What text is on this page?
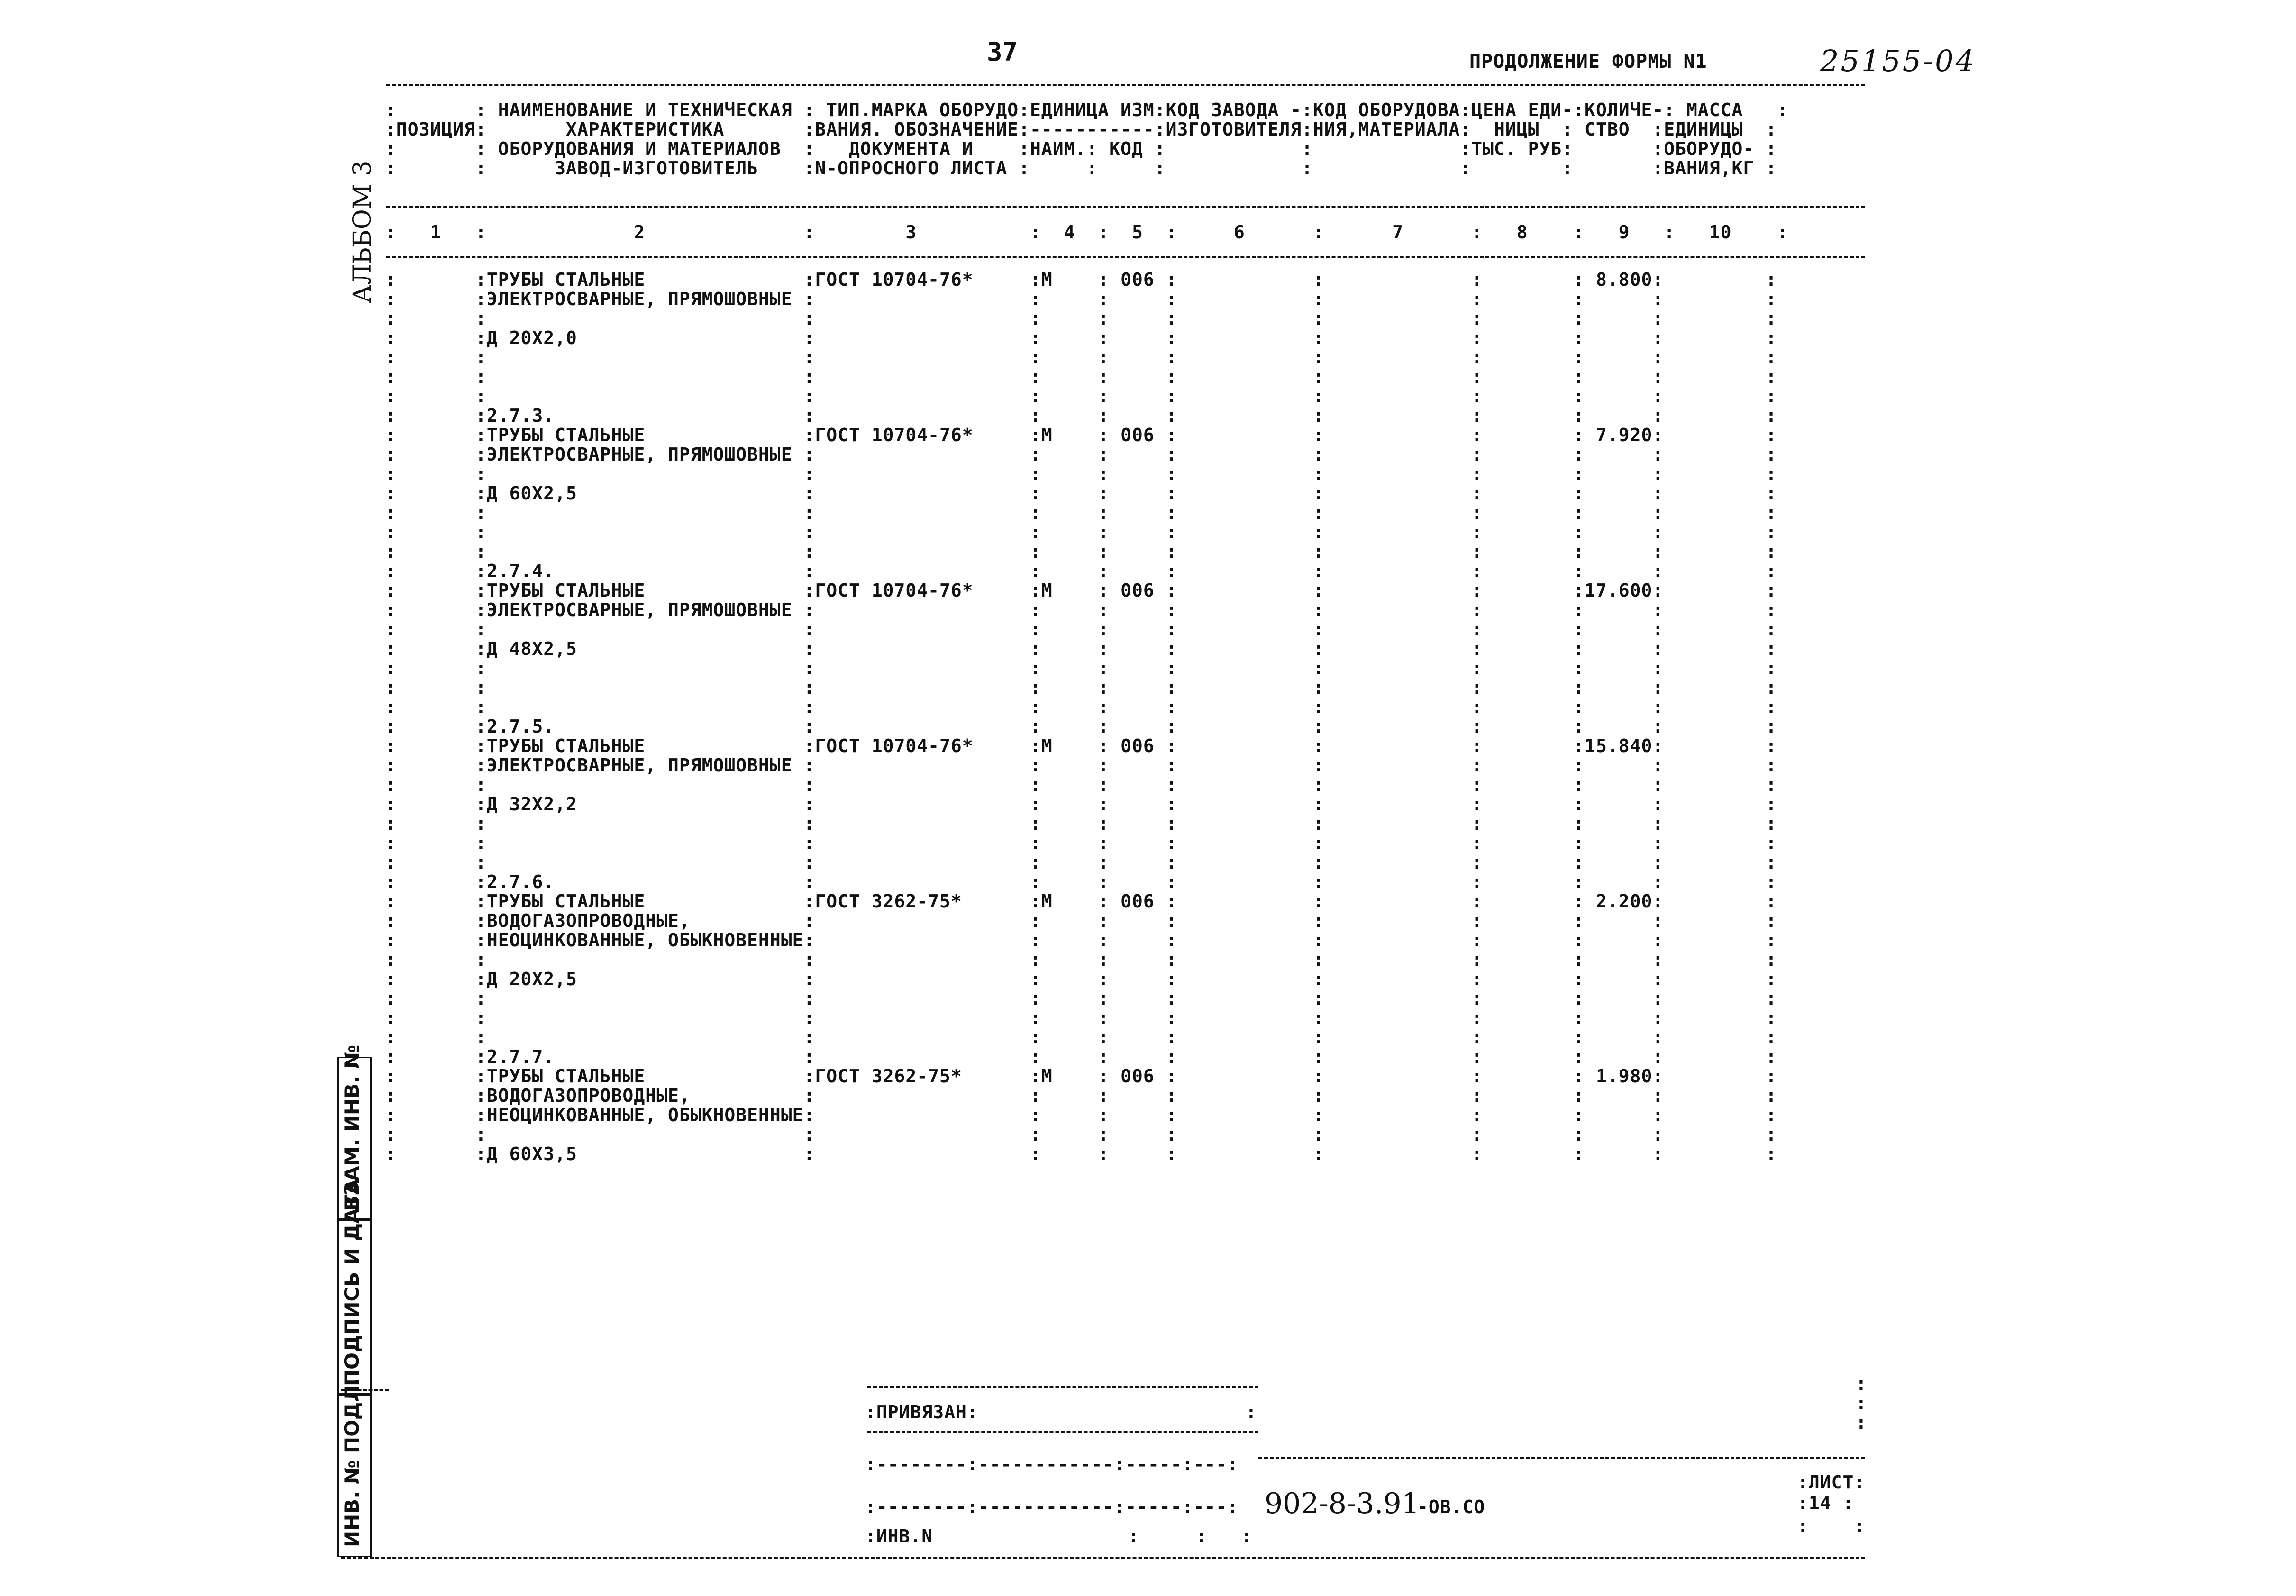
37	ПРОДОЛЖЕНИЕ ФОРМЫ N1	25155-04
АЛЬБОМ 3
:       : НАИМЕНОВАНИЕ И ТЕХНИЧЕСКАЯ : ТИП.МАРКА ОБОРУДО:ЕДИНИЦА ИЗМ:КОД ЗАВОДА -:КОД ОБОРУДОВА:ЦЕНА ЕДИ-:КОЛИЧЕ-: МАССА   :
:ПОЗИЦИЯ:       ХАРАКТЕРИСТИКА       :ВАНИЯ. ОБОЗНАЧЕНИЕ:-----------:ИЗГОТОВИТЕЛЯ:НИЯ,МАТЕРИАЛА:  НИЦЫ  : СТВО  :ЕДИНИЦЫ  :
:       : ОБОРУДОВАНИЯ И МАТЕРИАЛОВ  :   ДОКУМЕНТА И    :НАИМ.: КОД :            :             :ТЫС. РУБ:       :ОБОРУДО- :
:       :      ЗАВОД-ИЗГОТОВИТЕЛЬ    :N-ОПРОСНОГО ЛИСТА :     :     :            :             :        :       :ВАНИЯ,КГ :
:   1   :             2              :        3          :  4  :  5  :     6      :      7      :   8    :   9   :   10    :
:       :ТРУБЫ СТАЛЬНЫЕ              :ГОСТ 10704-76*     :М    : 006 :            :             :        : 8.800:         :
:       :ЭЛЕКТРОСВАРНЫЕ, ПРЯМОШОВНЫЕ :                   :     :     :            :             :        :      :         :
:       :                            :                   :     :     :            :             :        :      :         :
:       :Д 20Х2,0                    :                   :     :     :            :             :        :      :         :
:       :                            :                   :     :     :            :             :        :      :         :
:       :                            :                   :     :     :            :             :        :      :         :
:       :                            :                   :     :     :            :             :        :      :         :
:       :2.7.3.                      :                   :     :     :            :             :        :      :         :
:       :ТРУБЫ СТАЛЬНЫЕ              :ГОСТ 10704-76*     :М    : 006 :            :             :        : 7.920:         :
:       :ЭЛЕКТРОСВАРНЫЕ, ПРЯМОШОВНЫЕ :                   :     :     :            :             :        :      :         :
:       :                            :                   :     :     :            :             :        :      :         :
:       :Д 60Х2,5                    :                   :     :     :            :             :        :      :         :
:       :                            :                   :     :     :            :             :        :      :         :
:       :                            :                   :     :     :            :             :        :      :         :
:       :                            :                   :     :     :            :             :        :      :         :
:       :2.7.4.                      :                   :     :     :            :             :        :      :         :
:       :ТРУБЫ СТАЛЬНЫЕ              :ГОСТ 10704-76*     :М    : 006 :            :             :        :17.600:         :
:       :ЭЛЕКТРОСВАРНЫЕ, ПРЯМОШОВНЫЕ :                   :     :     :            :             :        :      :         :
:       :                            :                   :     :     :            :             :        :      :         :
:       :Д 48Х2,5                    :                   :     :     :            :             :        :      :         :
:       :                            :                   :     :     :            :             :        :      :         :
:       :                            :                   :     :     :            :             :        :      :         :
:       :                            :                   :     :     :            :             :        :      :         :
:       :2.7.5.                      :                   :     :     :            :             :        :      :         :
:       :ТРУБЫ СТАЛЬНЫЕ              :ГОСТ 10704-76*     :М    : 006 :            :             :        :15.840:         :
:       :ЭЛЕКТРОСВАРНЫЕ, ПРЯМОШОВНЫЕ :                   :     :     :            :             :        :      :         :
:       :                            :                   :     :     :            :             :        :      :         :
:       :Д 32Х2,2                    :                   :     :     :            :             :        :      :         :
:       :                            :                   :     :     :            :             :        :      :         :
:       :                            :                   :     :     :            :             :        :      :         :
:       :                            :                   :     :     :            :             :        :      :         :
:       :2.7.6.                      :                   :     :     :            :             :        :      :         :
:       :ТРУБЫ СТАЛЬНЫЕ              :ГОСТ 3262-75*      :М    : 006 :            :             :        : 2.200:         :
:       :ВОДОГАЗОПРОВОДНЫЕ,          :                   :     :     :            :             :        :      :         :
:       :НЕОЦИНКОВАННЫЕ, ОБЫКНОВЕННЫЕ:                   :     :     :            :             :        :      :         :
:       :                            :                   :     :     :            :             :        :      :         :
:       :Д 20Х2,5                    :                   :     :     :            :             :        :      :         :
:       :                            :                   :     :     :            :             :        :      :         :
:       :                            :                   :     :     :            :             :        :      :         :
:       :                            :                   :     :     :            :             :        :      :         :
:       :2.7.7.                      :                   :     :     :            :             :        :      :         :
:       :ТРУБЫ СТАЛЬНЫЕ              :ГОСТ 3262-75*      :М    : 006 :            :             :        : 1.980:         :
:       :ВОДОГАЗОПРОВОДНЫЕ,          :                   :     :     :            :             :        :      :         :
:       :НЕОЦИНКОВАННЫЕ, ОБЫКНОВЕННЫЕ:                   :     :     :            :             :        :      :         :
:       :                            :                   :     :     :            :             :        :      :         :
:       :Д 60Х3,5                    :                   :     :     :            :             :        :      :         :
:ПРИВЯЗАН:	:
:--------:------------:-----:---:
:--------:------------:-----:---:
:ИНВ.N	:     :   :
902-8-3.91
-ОВ.СО
:ЛИСТ:
:14 :
:    :
:
:
:
ВЗАМ. ИНВ. №
ПОДПИСЬ И ДАТА
ИНВ. № ПОДЛ.
